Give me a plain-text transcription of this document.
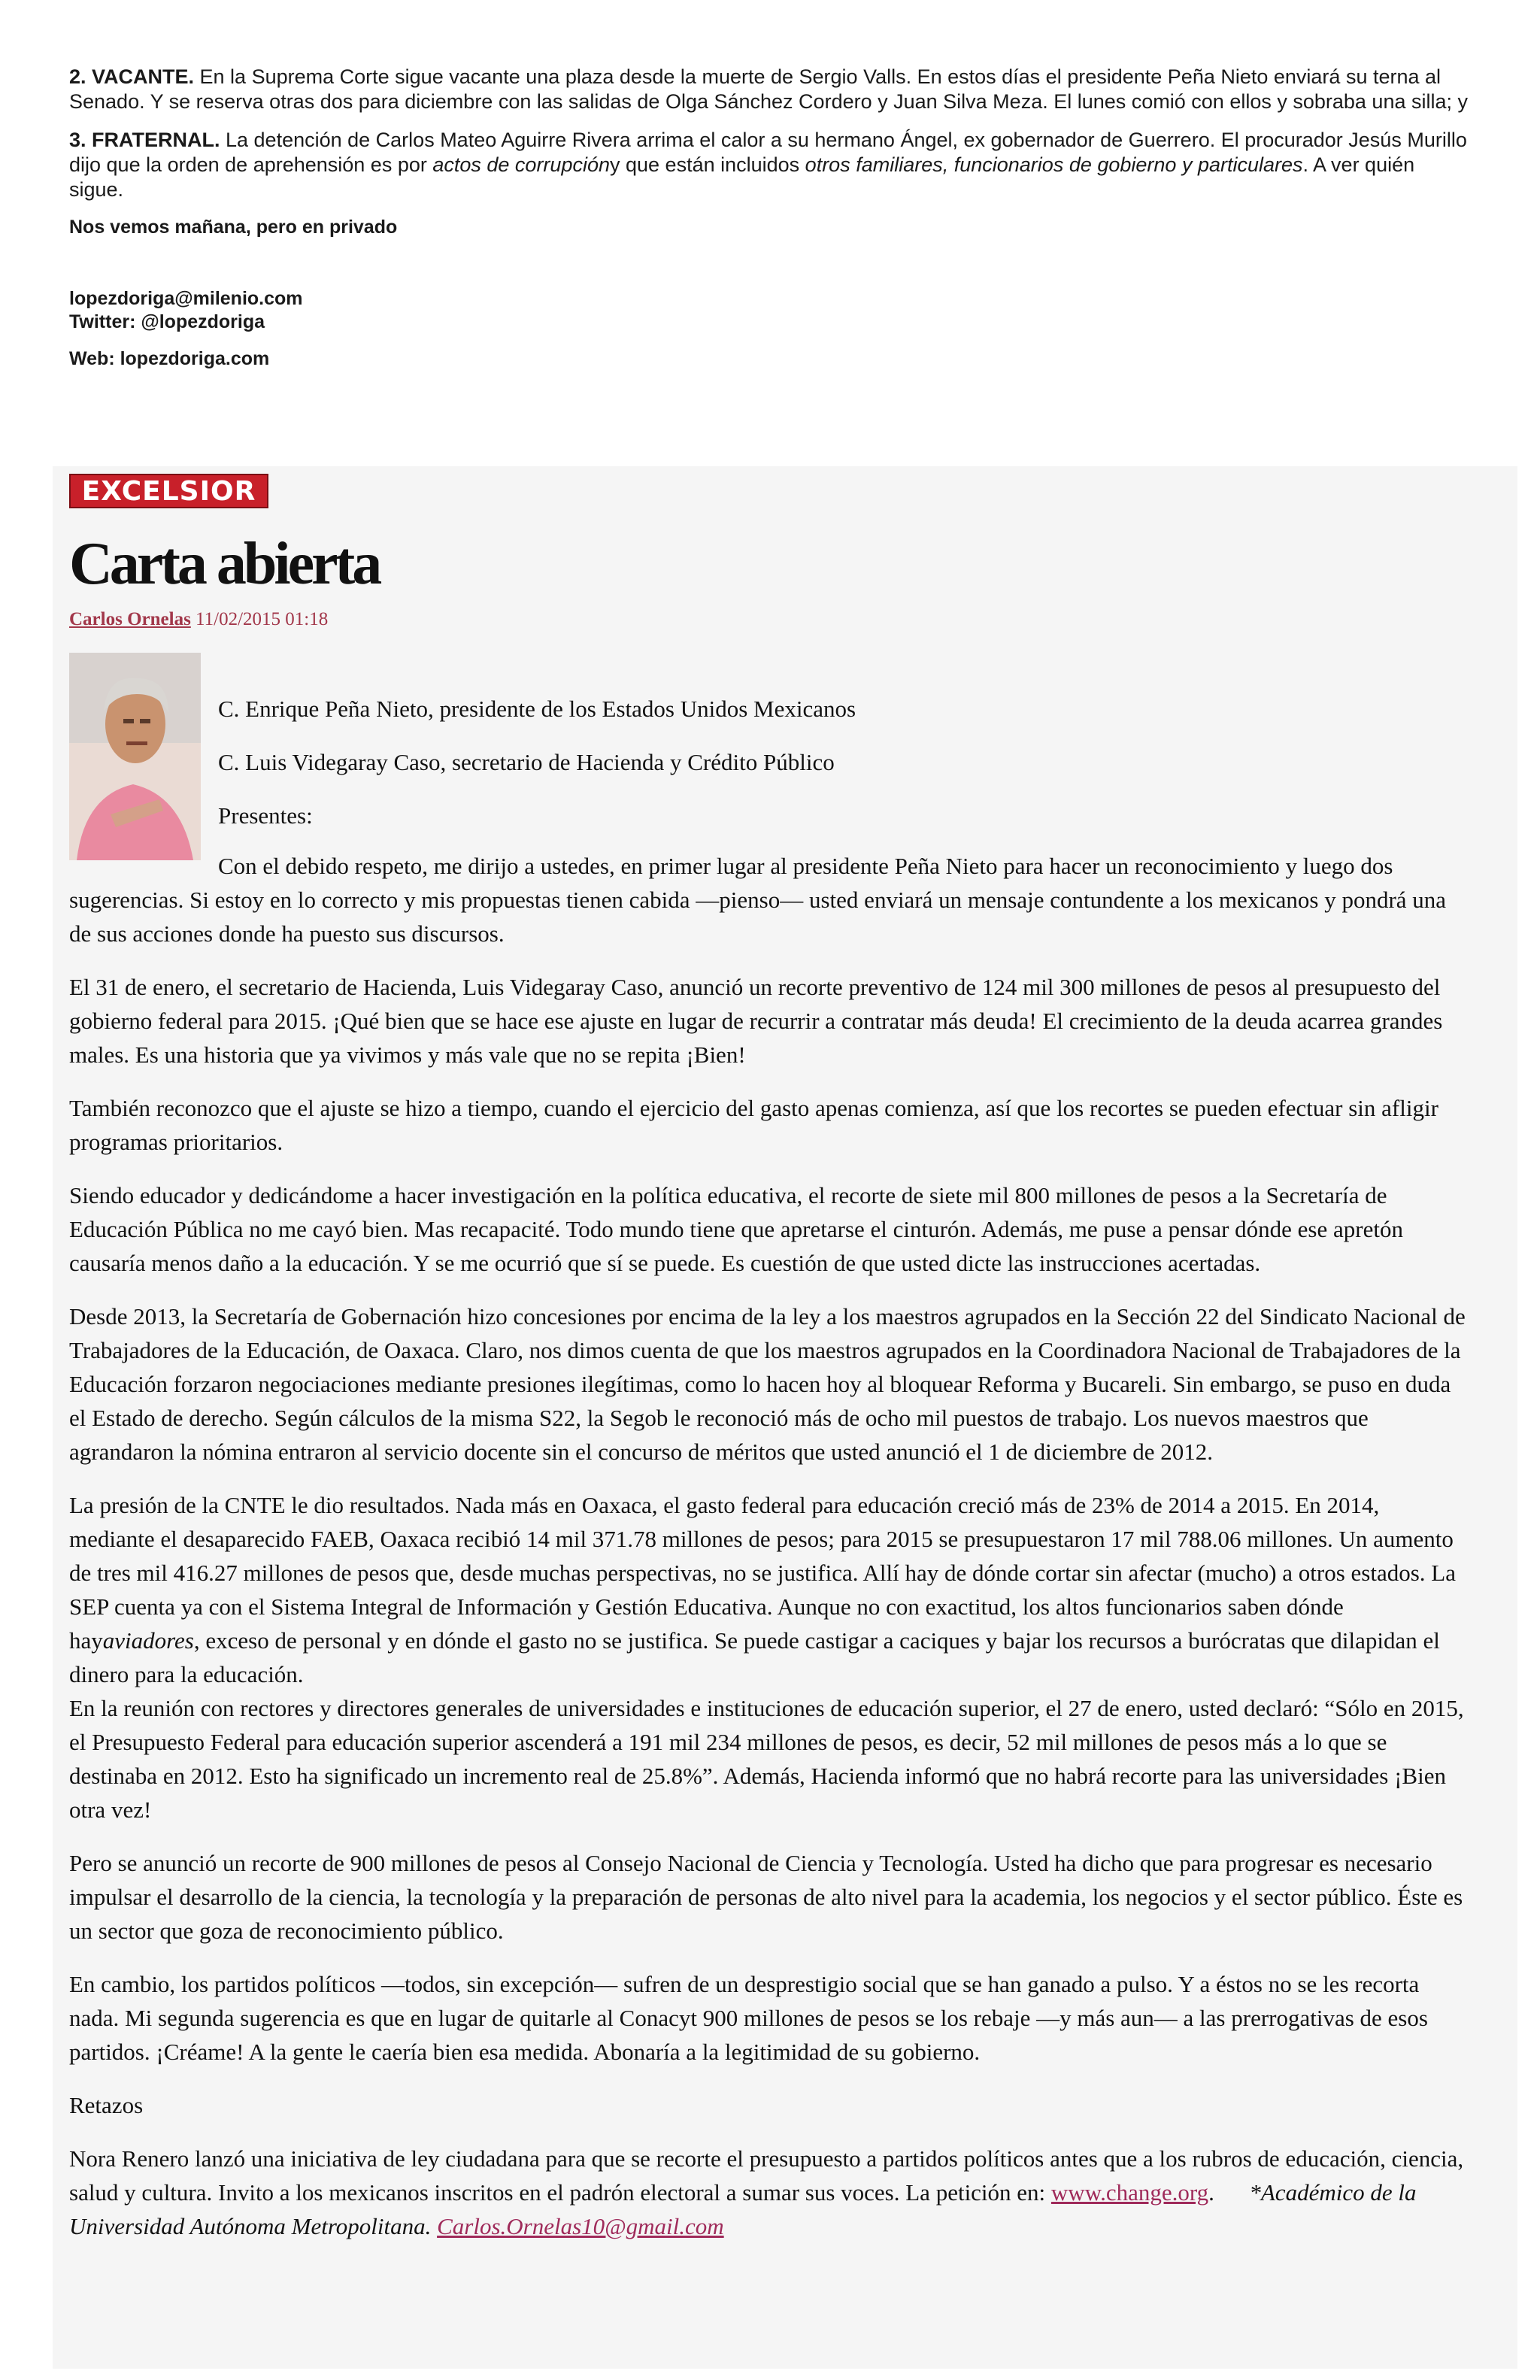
2. VACANTE. En la Suprema Corte sigue vacante una plaza desde la muerte de Sergio Valls. En estos días el presidente Peña Nieto enviará su terna al Senado. Y se reserva otras dos para diciembre con las salidas de Olga Sánchez Cordero y Juan Silva Meza. El lunes comió con ellos y sobraba una silla; y

3. FRATERNAL. La detención de Carlos Mateo Aguirre Rivera arrima el calor a su hermano Ángel, ex gobernador de Guerrero. El procurador Jesús Murillo dijo que la orden de aprehensión es por actos de corrupcióny que están incluidos otros familiares, funcionarios de gobierno y particulares. A ver quién sigue.

Nos vemos mañana, pero en privado

lopezdoriga@milenio.com
Twitter: @lopezdoriga
Web: lopezdoriga.com
EXCELSIOR
Carta abierta
Carlos Ornelas 11/02/2015 01:18

C. Enrique Peña Nieto, presidente de los Estados Unidos Mexicanos

C. Luis Videgaray Caso, secretario de Hacienda y Crédito Público

Presentes:

Con el debido respeto, me dirijo a ustedes, en primer lugar al presidente Peña Nieto para hacer un reconocimiento y luego dos sugerencias. Si estoy en lo correcto y mis propuestas tienen cabida —pienso— usted enviará un mensaje contundente a los mexicanos y pondrá una de sus acciones donde ha puesto sus discursos.

El 31 de enero, el secretario de Hacienda, Luis Videgaray Caso, anunció un recorte preventivo de 124 mil 300 millones de pesos al presupuesto del gobierno federal para 2015. ¡Qué bien que se hace ese ajuste en lugar de recurrir a contratar más deuda! El crecimiento de la deuda acarrea grandes males. Es una historia que ya vivimos y más vale que no se repita ¡Bien!

También reconozco que el ajuste se hizo a tiempo, cuando el ejercicio del gasto apenas comienza, así que los recortes se pueden efectuar sin afligir programas prioritarios.

Siendo educador y dedicándome a hacer investigación en la política educativa, el recorte de siete mil 800 millones de pesos a la Secretaría de Educación Pública no me cayó bien. Mas recapacité. Todo mundo tiene que apretarse el cinturón. Además, me puse a pensar dónde ese apretón causaría menos daño a la educación. Y se me ocurrió que sí se puede. Es cuestión de que usted dicte las instrucciones acertadas.

Desde 2013, la Secretaría de Gobernación hizo concesiones por encima de la ley a los maestros agrupados en la Sección 22 del Sindicato Nacional de Trabajadores de la Educación, de Oaxaca. Claro, nos dimos cuenta de que los maestros agrupados en la Coordinadora Nacional de Trabajadores de la Educación forzaron negociaciones mediante presiones ilegítimas, como lo hacen hoy al bloquear Reforma y Bucareli. Sin embargo, se puso en duda el Estado de derecho. Según cálculos de la misma S22, la Segob le reconoció más de ocho mil puestos de trabajo. Los nuevos maestros que agrandaron la nómina entraron al servicio docente sin el concurso de méritos que usted anunció el 1 de diciembre de 2012.

La presión de la CNTE le dio resultados. Nada más en Oaxaca, el gasto federal para educación creció más de 23% de 2014 a 2015. En 2014, mediante el desaparecido FAEB, Oaxaca recibió 14 mil 371.78 millones de pesos; para 2015 se presupuestaron 17 mil 788.06 millones. Un aumento de tres mil 416.27 millones de pesos que, desde muchas perspectivas, no se justifica. Allí hay de dónde cortar sin afectar (mucho) a otros estados. La SEP cuenta ya con el Sistema Integral de Información y Gestión Educativa. Aunque no con exactitud, los altos funcionarios saben dónde hayaviadores, exceso de personal y en dónde el gasto no se justifica. Se puede castigar a caciques y bajar los recursos a burócratas que dilapidan el dinero para la educación.

En la reunión con rectores y directores generales de universidades e instituciones de educación superior, el 27 de enero, usted declaró: “Sólo en 2015, el Presupuesto Federal para educación superior ascenderá a 191 mil 234 millones de pesos, es decir, 52 mil millones de pesos más a lo que se destinaba en 2012. Esto ha significado un incremento real de 25.8%”. Además, Hacienda informó que no habrá recorte para las universidades ¡Bien otra vez!

Pero se anunció un recorte de 900 millones de pesos al Consejo Nacional de Ciencia y Tecnología. Usted ha dicho que para progresar es necesario impulsar el desarrollo de la ciencia, la tecnología y la preparación de personas de alto nivel para la academia, los negocios y el sector público. Éste es un sector que goza de reconocimiento público.

En cambio, los partidos políticos —todos, sin excepción— sufren de un desprestigio social que se han ganado a pulso. Y a éstos no se les recorta nada. Mi segunda sugerencia es que en lugar de quitarle al Conacyt 900 millones de pesos se los rebaje —y más aun— a las prerrogativas de esos partidos. ¡Créame! A la gente le caería bien esa medida. Abonaría a la legitimidad de su gobierno.

Retazos

Nora Renero lanzó una iniciativa de ley ciudadana para que se recorte el presupuesto a partidos políticos antes que a los rubros de educación, ciencia, salud y cultura. Invito a los mexicanos inscritos en el padrón electoral a sumar sus voces. La petición en: www.change.org.      *Académico de la Universidad Autónoma Metropolitana. Carlos.Ornelas10@gmail.com
